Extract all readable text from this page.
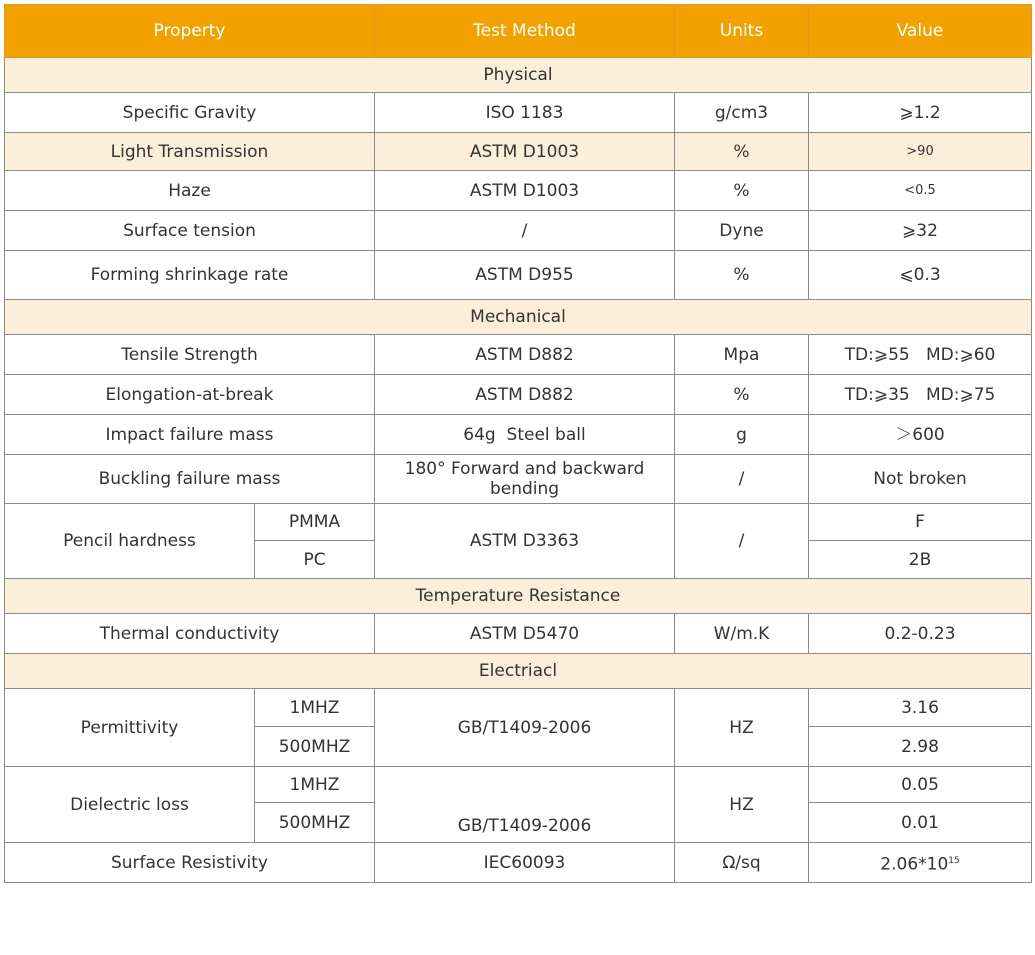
Property		Test Method	Units	Value
Physical				
Specific Gravity		ISO 1183	g/cm3	⩾1.2
Light Transmission		ASTM D1003	%	>90
Haze		ASTM D1003	%	<0.5
Surface tension		/	Dyne	⩾32
Forming shrinkage rate		ASTM D955	%	⩽0.3
Mechanical				
Tensile Strength		ASTM D882	Mpa	TD:⩾55   MD:⩾60
Elongation-at-break		ASTM D882	%	TD:⩾35   MD:⩾75
Impact failure mass		64g  Steel ball	g	＞600
Buckling failure mass		180° Forward and backward bending	/	Not broken
Pencil hardness	PMMA	ASTM D3363	/	F
	PC			2B
Temperature Resistance				
Thermal conductivity		ASTM D5470	W/m.K	0.2-0.23
Electriacl				
Permittivity	1MHZ	GB/T1409-2006	HZ	3.16
	500MHZ			2.98
Dielectric loss	1MHZ	GB/T1409-2006	HZ	0.05
	500MHZ			0.01
Surface Resistivity		IEC60093	Ω/sq	$2.06*10^{15}$
